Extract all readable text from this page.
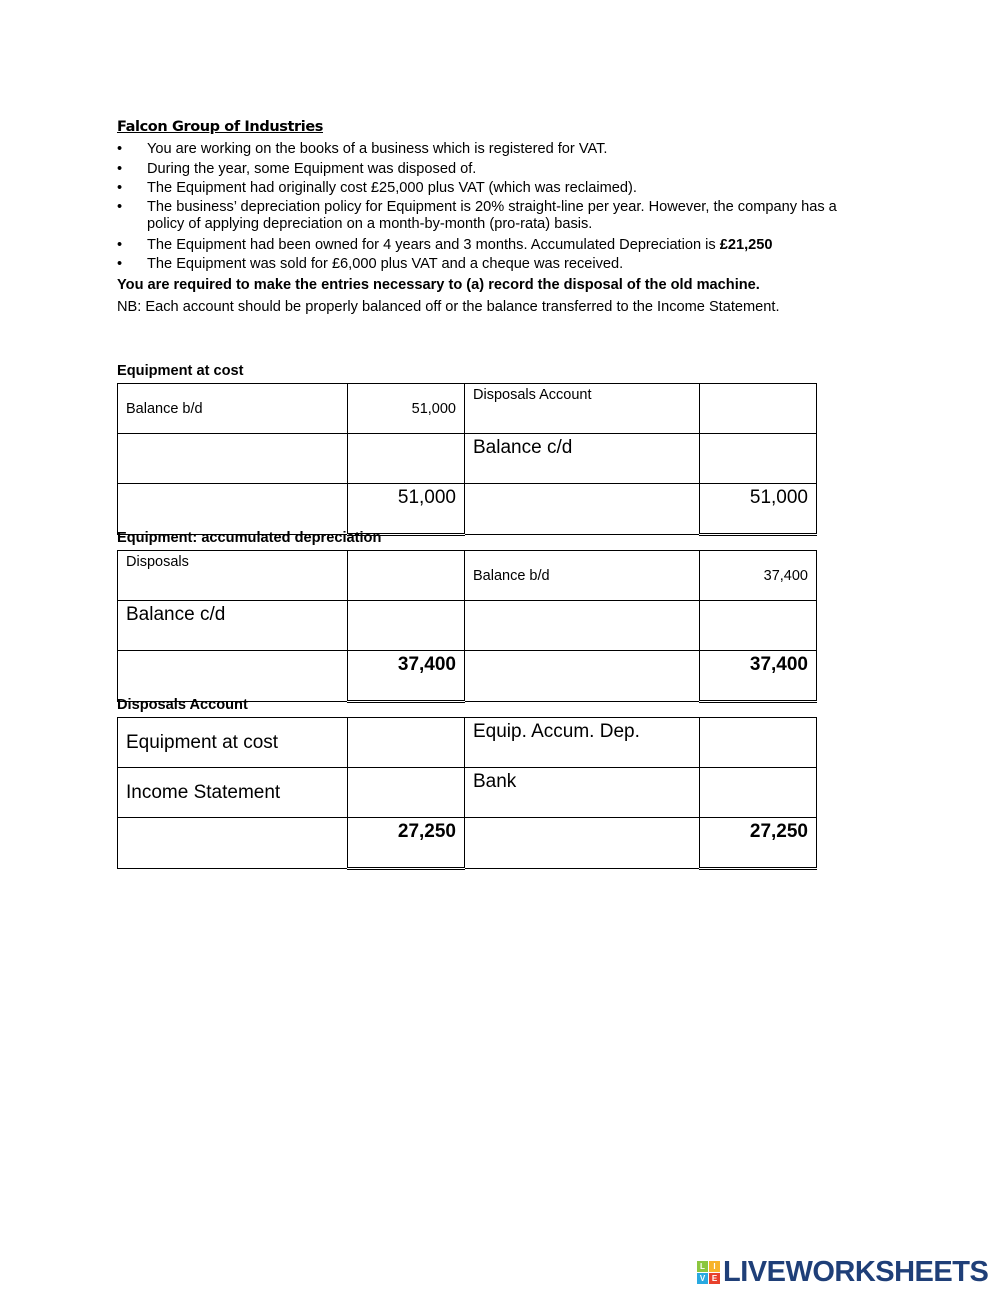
Falcon Group of Industries
• You are working on the books of a business which is registered for VAT.
• During the year, some Equipment was disposed of.
• The Equipment had originally cost £25,000 plus VAT (which was reclaimed).
• The business’ depreciation policy for Equipment is 20% straight-line per year. However, the company has a policy of applying depreciation on a month-by-month (pro-rata) basis.
• The Equipment had been owned for 4 years and 3 months. Accumulated Depreciation is £21,250
• The Equipment was sold for £6,000 plus VAT and a cheque was received.
You are required to make the entries necessary to (a) record the disposal of the old machine.
NB: Each account should be properly balanced off or the balance transferred to the Income Statement.
Equipment at cost
Balance b/d	51,000	Disposals Account	
		Balance c/d	
	51,000		51,000
Equipment: accumulated depreciation
Disposals		Balance b/d	37,400
Balance c/d			
	37,400		37,400
Disposals Account
Equipment at cost		Equip. Accum. Dep.	
Income Statement		Bank	
	27,250		27,250
L	I
V E LIVEWORKSHEETS
